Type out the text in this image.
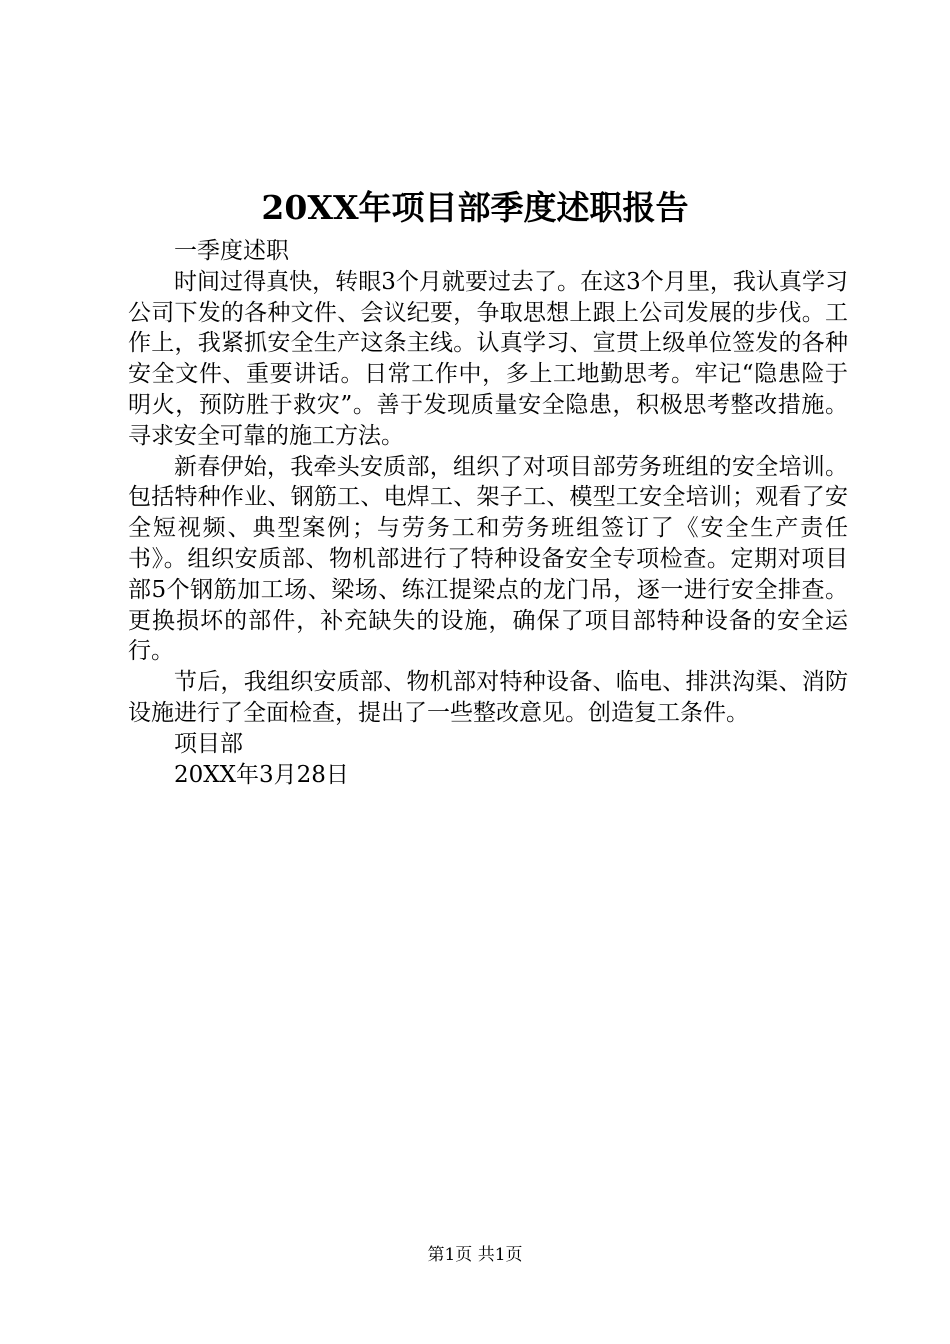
20XX年项目部季度述职报告

一季度述职

时间过得真快，转眼3个月就要过去了。在这3个月里，我认真学习公司下发的各种文件、会议纪要，争取思想上跟上公司发展的步伐。工作上，我紧抓安全生产这条主线。认真学习、宣贯上级单位签发的各种安全文件、重要讲话。日常工作中，多上工地勤思考。牢记“隐患险于明火，预防胜于救灾”。善于发现质量安全隐患，积极思考整改措施。寻求安全可靠的施工方法。

新春伊始，我牵头安质部，组织了对项目部劳务班组的安全培训。包括特种作业、钢筋工、电焊工、架子工、模型工安全培训；观看了安全短视频、典型案例；与劳务工和劳务班组签订了《安全生产责任书》。组织安质部、物机部进行了特种设备安全专项检查。定期对项目部5个钢筋加工场、梁场、练江提梁点的龙门吊，逐一进行安全排查。更换损坏的部件，补充缺失的设施，确保了项目部特种设备的安全运行。

节后，我组织安质部、物机部对特种设备、临电、排洪沟渠、消防设施进行了全面检查，提出了一些整改意见。创造复工条件。

项目部

20XX年3月28日

第1页 共1页
